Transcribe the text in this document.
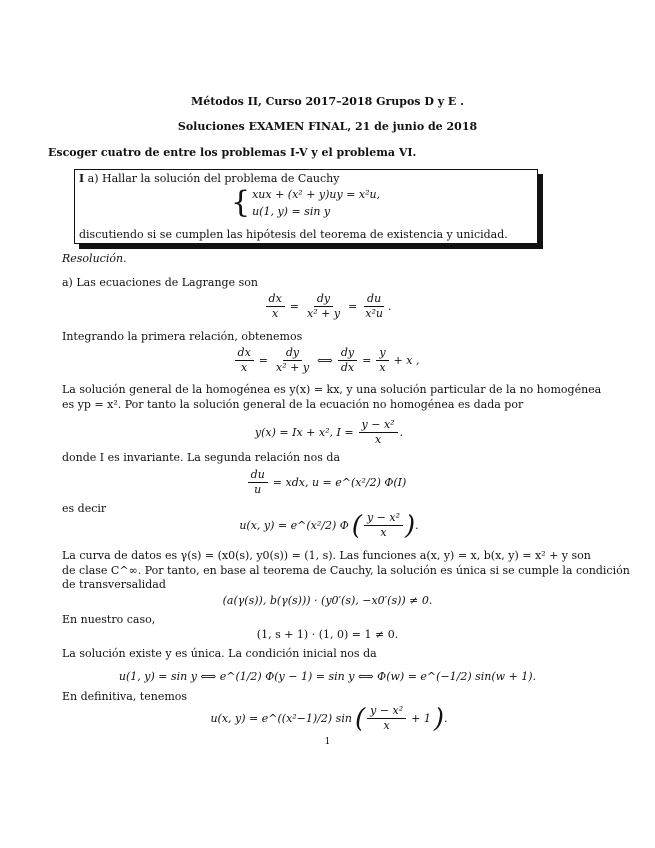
Métodos II, Curso 2017–2018 Grupos D y E .
Soluciones EXAMEN FINAL, 21 de junio de 2018
Escoger cuatro de entre los problemas I-V y el problema VI.
I a) Hallar la solución del problema de Cauchy
{ xux + (x² + y)uy = x²u,
u(1, y) = sin y
discutiendo si se cumplen las hipótesis del teorema de existencia y unicidad.
Resolución.
a) Las ecuaciones de Lagrange son
$\frac{dx}{x} = \frac{dy}{\text{x² + y}} = \frac{du}{\text{x²u}}$ .
Integrando la primera relación, obtenemos
$\frac{dx}{x} = \frac{dy}{\text{x² + y}}$ ⟺ $\frac{dy}{dx} = \frac{y}{x} + x$ ,
La solución general de la homogénea es y(x) = kx, y una solución particular de la no homogénea
es yp = x². Por tanto la solución general de la ecuación no homogénea es dada por
y(x) = Ix + x², $I = \frac{\text{y − x²}}{x}$ .
donde I es invariante. La segunda relación nos da
$\frac{du}{u}$ = xdx, u = e^(x²/2) Φ(I)
es decir
u(x, y) = e^(x²/2) Φ ( $\frac{\text{y − x²}}{x}$ ) .
La curva de datos es γ(s) = (x0(s), y0(s)) = (1, s). Las funciones a(x, y) = x, b(x, y) = x² + y son
de clase C^∞. Por tanto, en base al teorema de Cauchy, la solución es única si se cumple la condición
de transversalidad
(a(γ(s)), b(γ(s))) · (y0′(s), −x0′(s)) ≠ 0.
En nuestro caso,
(1, s + 1) · (1, 0) = 1 ≠ 0.
La solución existe y es única. La condición inicial nos da
u(1, y) = sin y ⟺ e^(1/2) Φ(y − 1) = sin y ⟺ Φ(w) = e^(−1/2) sin(w + 1).
En definitiva, tenemos
u(x, y) = e^((x²−1)/2) sin ( $\frac{\text{y − x²}}{x} + 1$ ) .
1
